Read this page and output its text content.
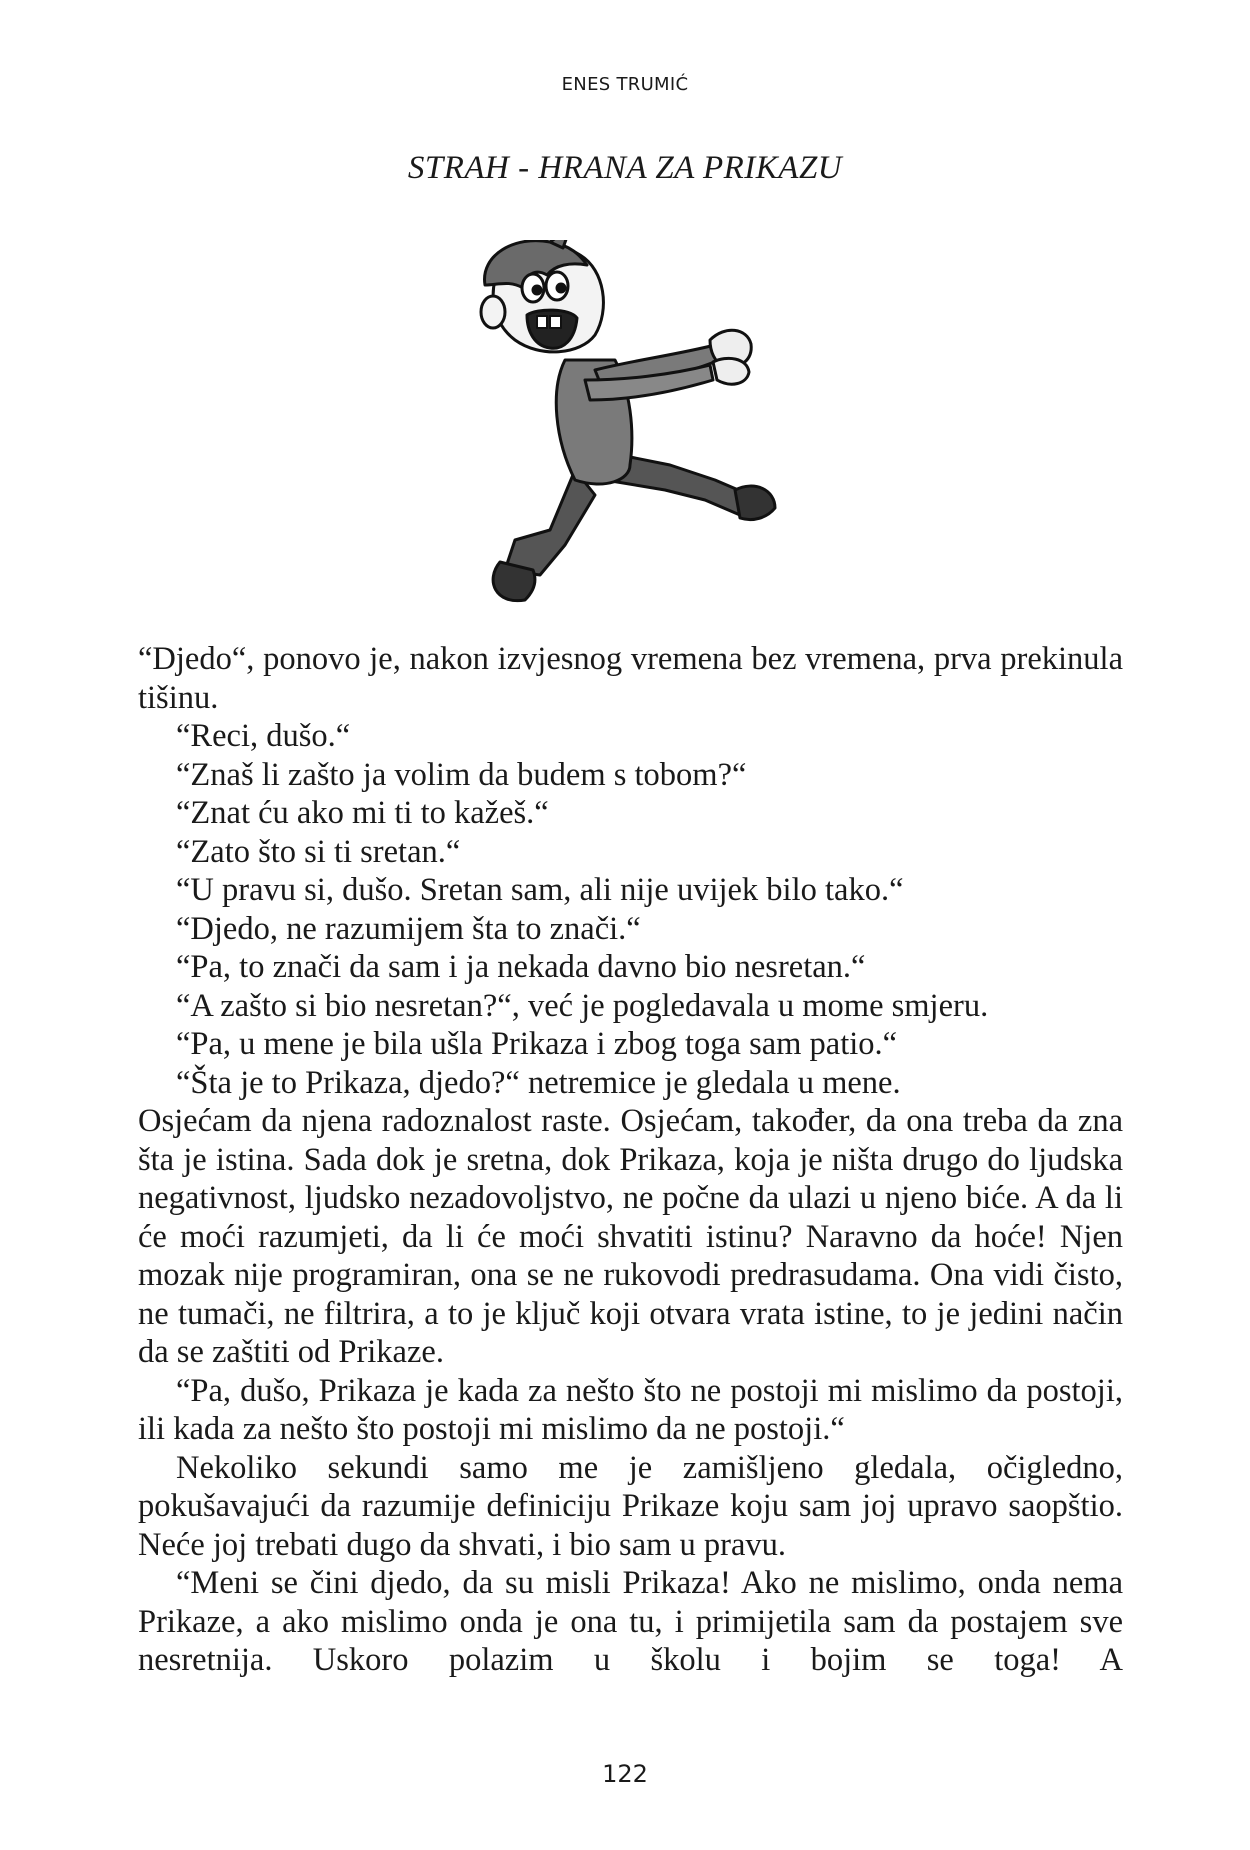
ENES TRUMIĆ
STRAH - HRANA ZA PRIKAZU

“Djedo“, ponovo je, nakon izvjesnog vremena bez vremena, prva prekinula tišinu.

“Reci, dušo.“

“Znaš li zašto ja volim da budem s tobom?“

“Znat ću ako mi ti to kažeš.“

“Zato što si ti sretan.“

“U pravu si, dušo. Sretan sam, ali nije uvijek bilo tako.“

“Djedo, ne razumijem šta to znači.“

“Pa, to znači da sam i ja nekada davno bio nesretan.“

“A zašto si bio nesretan?“, već je pogledavala u mome smjeru.

“Pa, u mene je bila ušla Prikaza i zbog toga sam patio.“

“Šta je to Prikaza, djedo?“ netremice je gledala u mene.

Osjećam da njena radoznalost raste. Osjećam, također, da ona treba da zna šta je istina. Sada dok je sretna, dok Prikaza, koja je ništa drugo do ljudska negativnost, ljudsko nezadovoljstvo, ne počne da ulazi u njeno biće. A da li će moći razumjeti, da li će moći shvatiti istinu? Naravno da hoće! Njen mozak nije programiran, ona se ne rukovodi predrasudama. Ona vidi čisto, ne tumači, ne filtrira, a to je ključ koji otvara vrata istine, to je jedini način da se zaštiti od Prikaze.

“Pa, dušo, Prikaza je kada za nešto što ne postoji mi mislimo da postoji, ili kada za nešto što postoji mi mislimo da ne postoji.“

Nekoliko sekundi samo me je zamišljeno gledala, očigledno, pokušavajući da razumije definiciju Prikaze koju sam joj upravo saopštio. Neće joj trebati dugo da shvati, i bio sam u pravu.

“Meni se čini djedo, da su misli Prikaza! Ako ne mislimo, onda nema Prikaze, a ako mislimo onda je ona tu, i primijetila sam da postajem sve nesretnija. Uskoro polazim u školu i bojim se toga! A

122
